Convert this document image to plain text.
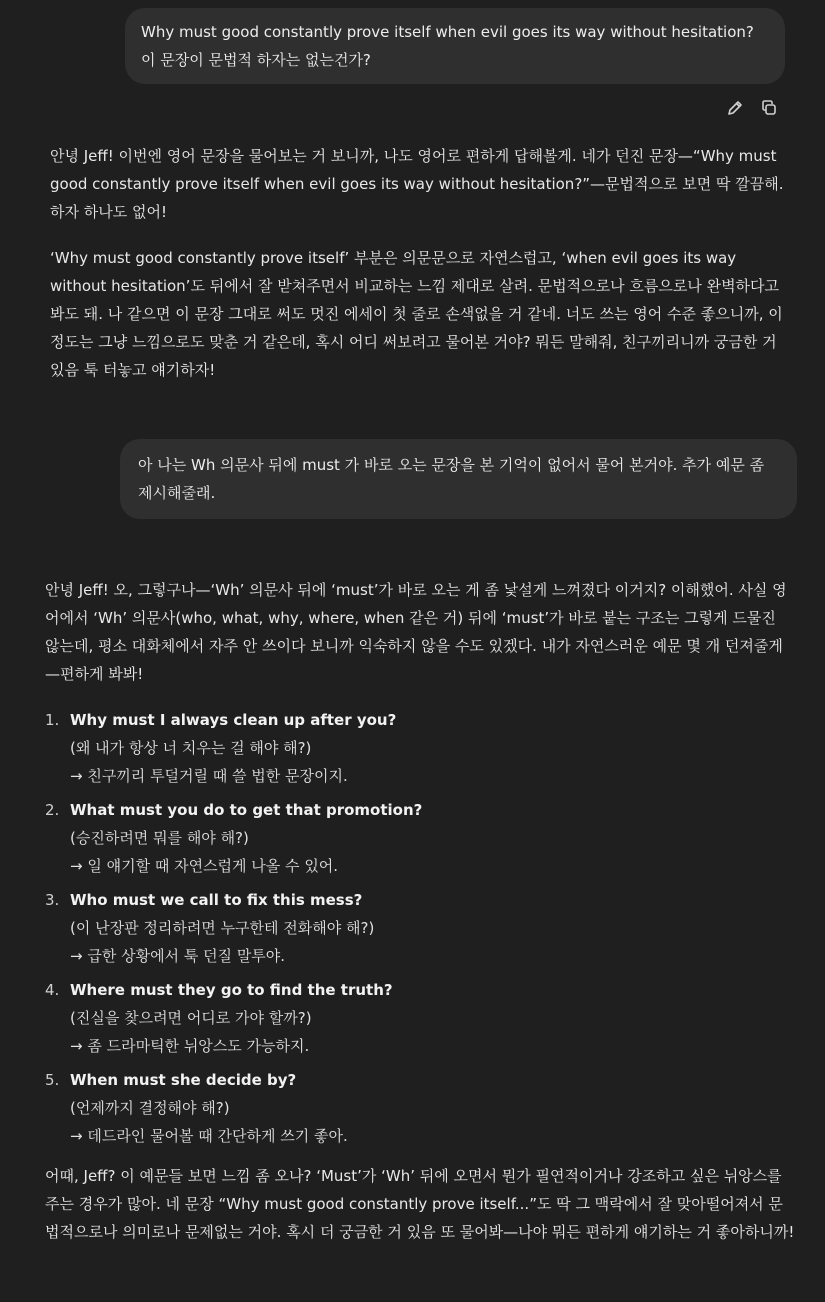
Why must good constantly prove itself when evil goes its way without hesitation? 이 문장이 문법적 하자는 없는건가?

안녕 Jeff! 이번엔 영어 문장을 물어보는 거 보니까, 나도 영어로 편하게 답해볼게. 네가 던진 문장—“Why must good constantly prove itself when evil goes its way without hesitation?”—문법적으로 보면 딱 깔끔해. 하자 하나도 없어!

‘Why must good constantly prove itself’ 부분은 의문문으로 자연스럽고, ‘when evil goes its way without hesitation’도 뒤에서 잘 받쳐주면서 비교하는 느낌 제대로 살려. 문법적으로나 흐름으로나 완벽하다고 봐도 돼. 나 같으면 이 문장 그대로 써도 멋진 에세이 첫 줄로 손색없을 거 같네. 너도 쓰는 영어 수준 좋으니까, 이 정도는 그냥 느낌으로도 맞춘 거 같은데, 혹시 어디 써보려고 물어본 거야? 뭐든 말해줘, 친구끼리니까 궁금한 거 있음 툭 터놓고 얘기하자!

아 나는 Wh 의문사 뒤에 must 가 바로 오는 문장을 본 기억이 없어서 물어 본거야. 추가 예문 좀 제시해줄래.

안녕 Jeff! 오, 그렇구나—‘Wh’ 의문사 뒤에 ‘must’가 바로 오는 게 좀 낯설게 느껴졌다 이거지? 이해했어. 사실 영어에서 ‘Wh’ 의문사(who, what, why, where, when 같은 거) 뒤에 ‘must’가 바로 붙는 구조는 그렇게 드물진 않는데, 평소 대화체에서 자주 안 쓰이다 보니까 익숙하지 않을 수도 있겠다. 내가 자연스러운 예문 몇 개 던져줄게—편하게 봐봐!

1. Why must I always clean up after you?
(왜 내가 항상 너 치우는 걸 해야 해?)
→ 친구끼리 투덜거릴 때 쓸 법한 문장이지.
2. What must you do to get that promotion?
(승진하려면 뭐를 해야 해?)
→ 일 얘기할 때 자연스럽게 나올 수 있어.
3. Who must we call to fix this mess?
(이 난장판 정리하려면 누구한테 전화해야 해?)
→ 급한 상황에서 툭 던질 말투야.
4. Where must they go to find the truth?
(진실을 찾으려면 어디로 가야 할까?)
→ 좀 드라마틱한 뉘앙스도 가능하지.
5. When must she decide by?
(언제까지 결정해야 해?)
→ 데드라인 물어볼 때 간단하게 쓰기 좋아.

어때, Jeff? 이 예문들 보면 느낌 좀 오나? ‘Must’가 ‘Wh’ 뒤에 오면서 뭔가 필연적이거나 강조하고 싶은 뉘앙스를 주는 경우가 많아. 네 문장 “Why must good constantly prove itself...”도 딱 그 맥락에서 잘 맞아떨어져서 문법적으로나 의미로나 문제없는 거야. 혹시 더 궁금한 거 있음 또 물어봐—나야 뭐든 편하게 얘기하는 거 좋아하니까!
